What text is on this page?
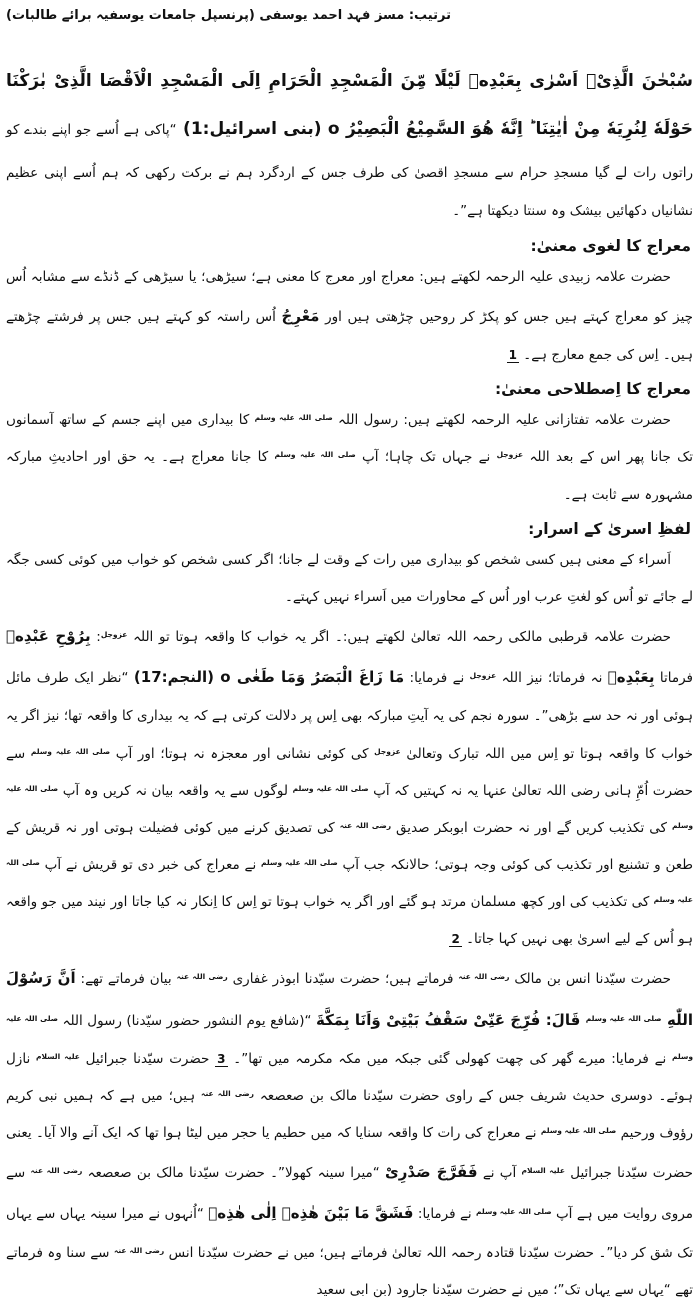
ترتیب: مسز فہد احمد یوسفی (پرنسپل جامعات یوسفیہ برائے طالبات)
سُبْحٰنَ الَّذِیْۤ اَسْرٰی بِعَبْدِهٖ لَیْلًا مِّنَ الْمَسْجِدِ الْحَرَامِ اِلَی الْمَسْجِدِ الْاَقْصَا الَّذِیْ بٰرَكْنَا حَوْلَهٗ لِنُرِیَهٗ مِنْ اٰیٰتِنَا ؕ اِنَّهٗ هُوَ السَّمِیْعُ الْبَصِیْرُ o (بنی اسرائیل:1) “پاکی ہے اُسے جو اپنے بندے کو راتوں رات لے گیا مسجدِ حرام سے مسجدِ اقصیٰ کی طرف جس کے اردگرد ہم نے برکت رکھی کہ ہم اُسے اپنی عظیم نشانیاں دکھائیں بیشک وہ سنتا دیکھتا ہے”۔
معراج کا لغوی معنیٰ:
حضرت علامہ زبیدی علیہ الرحمہ لکھتے ہیں: معراج اور معرج کا معنی ہے؛ سیڑھی؛ یا سیڑھی کے ڈنڈے سے مشابہ اُس چیز کو معراج کہتے ہیں جس کو پکڑ کر روحیں چڑھتی ہیں اور مَعْرِجُ اُس راستہ کو کہتے ہیں جس پر فرشتے چڑھتے ہیں۔ اِس کی جمع معارج ہے۔ 1
معراج کا اِصطلاحی معنیٰ:
حضرت علامہ تفتازانی علیہ الرحمہ لکھتے ہیں: رسول اللہ $^{صلی اللہ علیہ وسلم}$ کا بیداری میں اپنے جسم کے ساتھ آسمانوں تک جانا پھر اس کے بعد اللہ $^{عزوجل}$ نے جہاں تک چاہا؛ آپ $^{صلی اللہ علیہ وسلم}$ کا جانا معراج ہے۔ یہ حق اور احادیثِ مبارکہ مشہورہ سے ثابت ہے۔
لفظِ اسریٰ کے اسرار:
اَسراء کے معنی ہیں کسی شخص کو بیداری میں رات کے وقت لے جانا؛ اگر کسی شخص کو خواب میں کوئی کسی جگہ لے جائے تو اُس کو لغتِ عرب اور اُس کے محاورات میں اَسراء نہیں کہتے۔
حضرت علامہ قرطبی مالکی رحمہ اللہ تعالیٰ لکھتے ہیں:۔ اگر یہ خواب کا واقعہ ہوتا تو اللہ $^{عزوجل}$: بِرُوْحِ عَبْدِهٖ فرماتا بِعَبْدِهٖ نہ فرماتا؛ نیز اللہ $^{عزوجل}$ نے فرمایا: مَا زَاغَ الْبَصَرُ وَمَا طَغٰی o (النجم:17) “نظر ایک طرف مائل ہوئی اور نہ حد سے بڑھی”۔ سورہ نجم کی یہ آیتِ مبارکہ بھی اِس پر دلالت کرتی ہے کہ یہ بیداری کا واقعہ تھا؛ نیز اگر یہ خواب کا واقعہ ہوتا تو اِس میں اللہ تبارک وتعالیٰ $^{عزوجل}$ کی کوئی نشانی اور معجزہ نہ ہوتا؛ اور آپ $^{صلی اللہ علیہ وسلم}$ سے حضرت اُمِّ ہانی رضی اللہ تعالیٰ عنہا یہ نہ کہتیں کہ آپ $^{صلی اللہ علیہ وسلم}$ لوگوں سے یہ واقعہ بیان نہ کریں وہ آپ $^{صلی اللہ علیہ وسلم}$ کی تکذیب کریں گے اور نہ حضرت ابوبکر صدیق $^{رضی اللہ عنہ}$ کی تصدیق کرنے میں کوئی فضیلت ہوتی اور نہ قریش کے طعن و تشنیع اور تکذیب کی کوئی وجہ ہوتی؛ حالانکہ جب آپ $^{صلی اللہ علیہ وسلم}$ نے معراج کی خبر دی تو قریش نے آپ $^{صلی اللہ علیہ وسلم}$ کی تکذیب کی اور کچھ مسلمان مرتد ہو گئے اور اگر یہ خواب ہوتا تو اِس کا اِنکار نہ کیا جاتا اور نیند میں جو واقعہ ہو اُس کے لیے اسریٰ بھی نہیں کہا جاتا۔ 2
حضرت سیّدنا انس بن مالک $^{رضی اللہ عنہ}$ فرماتے ہیں؛ حضرت سیّدنا ابوذر غفاری $^{رضی اللہ عنہ}$ بیان فرماتے تھے: اَنَّ رَسُوْلَ اللّٰهِ $^{صلی اللہ علیہ وسلم}$ قَالَ: فُرِّجَ عَنِّیْ سَقْفُ بَیْتِیْ وَاَنَا بِمَكَّةَ “(شافع یوم النشور حضور سیّدنا) رسول اللہ $^{صلی اللہ علیہ وسلم}$ نے فرمایا: میرے گھر کی چھت کھولی گئی جبکہ میں مکہ مکرمہ میں تھا”۔ 3 حضرت سیّدنا جبرائیل $^{علیہ السلام}$ نازل ہوئے۔ دوسری حدیث شریف جس کے راوی حضرت سیّدنا مالک بن صعصعہ $^{رضی اللہ عنہ}$ ہیں؛ میں ہے کہ ہمیں نبی کریم رؤوف ورحیم $^{صلی اللہ علیہ وسلم}$ نے معراج کی رات کا واقعہ سنایا کہ میں حطیم یا حجر میں لیٹا ہوا تھا کہ ایک آنے والا آیا۔ یعنی حضرت سیّدنا جبرائیل $^{علیہ السلام}$ آپ نے فَفَرَّجَ صَدْرِیْ “میرا سینہ کھولا”۔ حضرت سیّدنا مالک بن صعصعہ $^{رضی اللہ عنہ}$ سے مروی روایت میں ہے آپ $^{صلی اللہ علیہ وسلم}$ نے فرمایا: فَشَقَّ مَا بَیْنَ هٰذِهٖ اِلٰی هٰذِهٖ “اُنہوں نے میرا سینہ یہاں سے یہاں تک شق کر دیا”۔ حضرت سیّدنا قتادہ رحمہ اللہ تعالیٰ فرماتے ہیں؛ میں نے حضرت سیّدنا انس $^{رضی اللہ عنہ}$ سے سنا وہ فرماتے تھے “یہاں سے یہاں تک”؛ میں نے حضرت سیّدنا جارود (بن ابی سعید
